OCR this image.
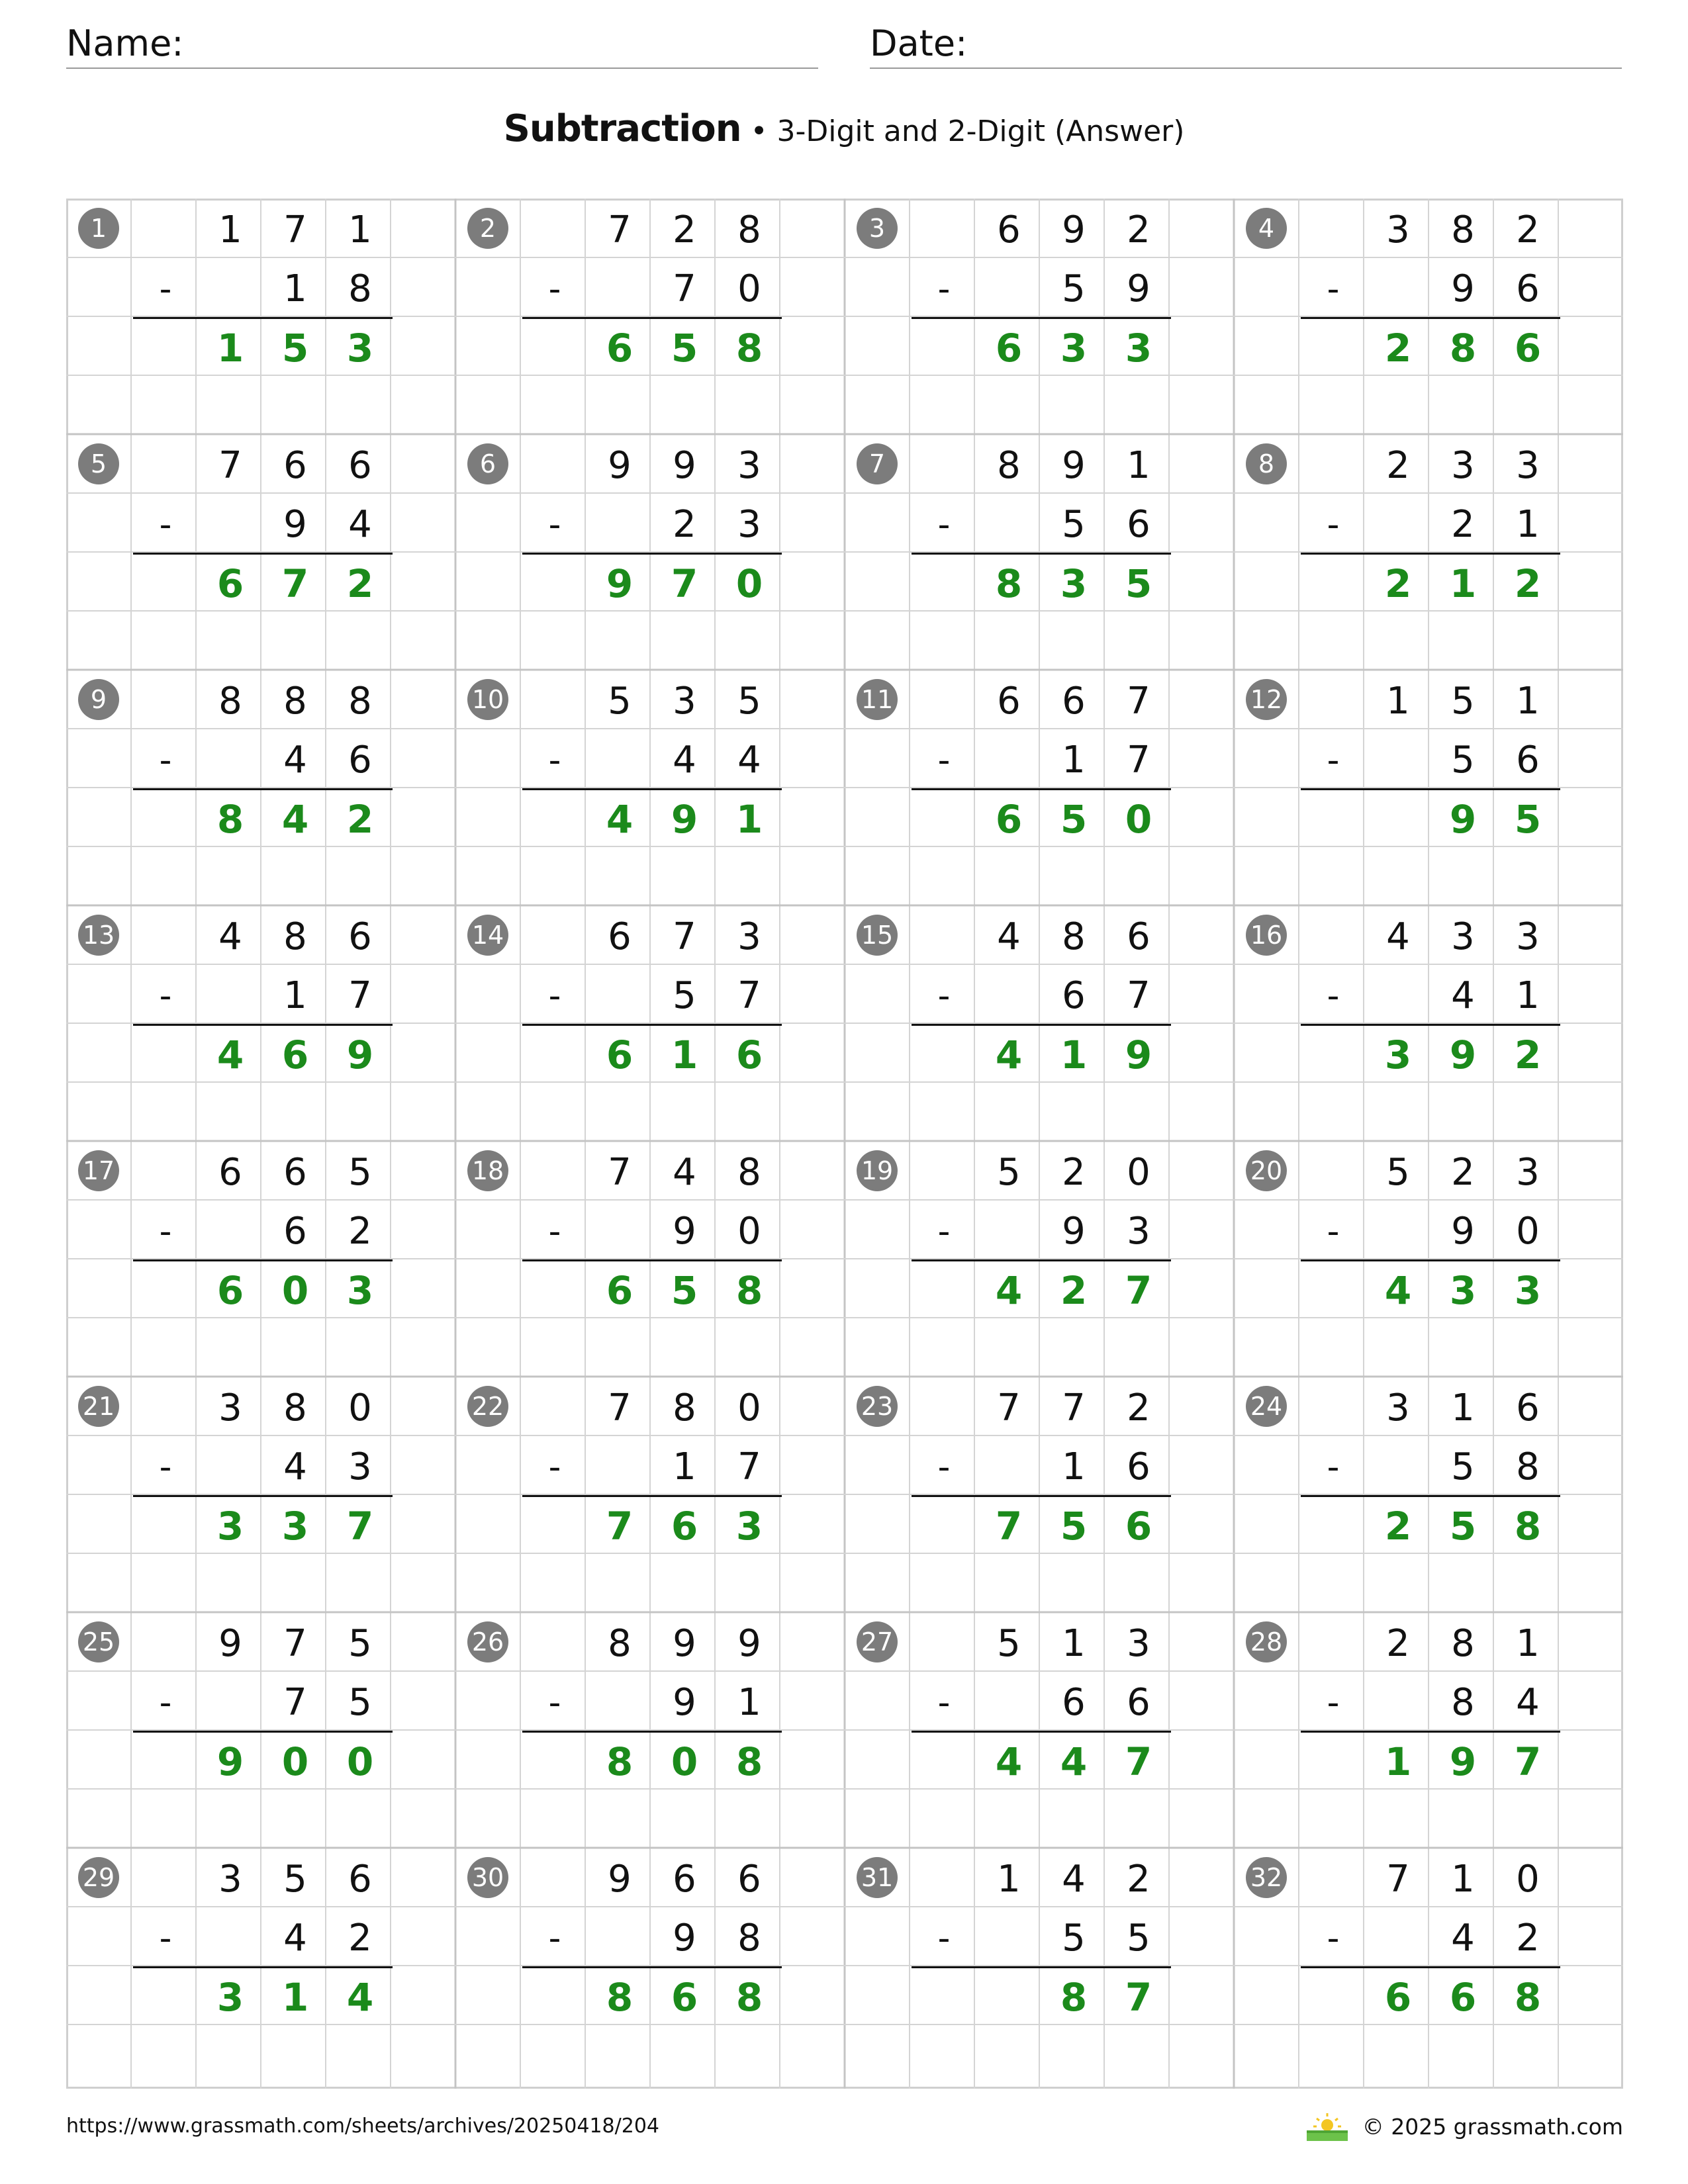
Name:	Date:
Subtraction • 3-Digit and 2-Digit (Answer)
1
-
1	7	1
1	8
1 5 3
2
-
7	2	8
7	0
6 5 8
3
-
6	9	2
5	9
6 3 3
4
-
3	8	2
9	6
2 8 6
5
-
7	6	6
9	4
6 7 2
6
-
9	9	3
2	3
9 7 0
7
-
8	9	1
5	6
8 3 5
8
-
2	3	3
2	1
2 1 2
9
-
8	8	8
4	6
8 4 2
10
-
5	3	5
4	4
4 9 1
11
-
6	6	7
1	7
6 5 0
12
-
1	5	1
5	6
9 5
13
-
4	8	6
1	7
4 6 9
14
-
6	7	3
5	7
6 1 6
15
-
4	8	6
6	7
4 1 9
16
-
4	3	3
4	1
3 9 2
17
-
6	6	5
6	2
6 0 3
18
-
7	4	8
9	0
6 5 8
19
-
5	2	0
9	3
4 2 7
20
-
5	2	3
9	0
4 3 3
21
-
3	8	0
4	3
3 3 7
22
-
7	8	0
1	7
7 6 3
23
-
7	7	2
1	6
7 5 6
24
-
3	1	6
5	8
2 5 8
25
-
9	7	5
7	5
9 0 0
26
-
8	9	9
9	1
8 0 8
27
-
5	1	3
6	6
4 4 7
28
-
2	8	1
8	4
1 9 7
29
-
3	5	6
4	2
3 1 4
30
-
9	6	6
9	8
8 6 8
31
-
1	4	2
5	5
8 7
32
-
7	1	0
4	2
6 6 8
https://www.grassmath.com/sheets/archives/20250418/204	© 2025 grassmath.com
